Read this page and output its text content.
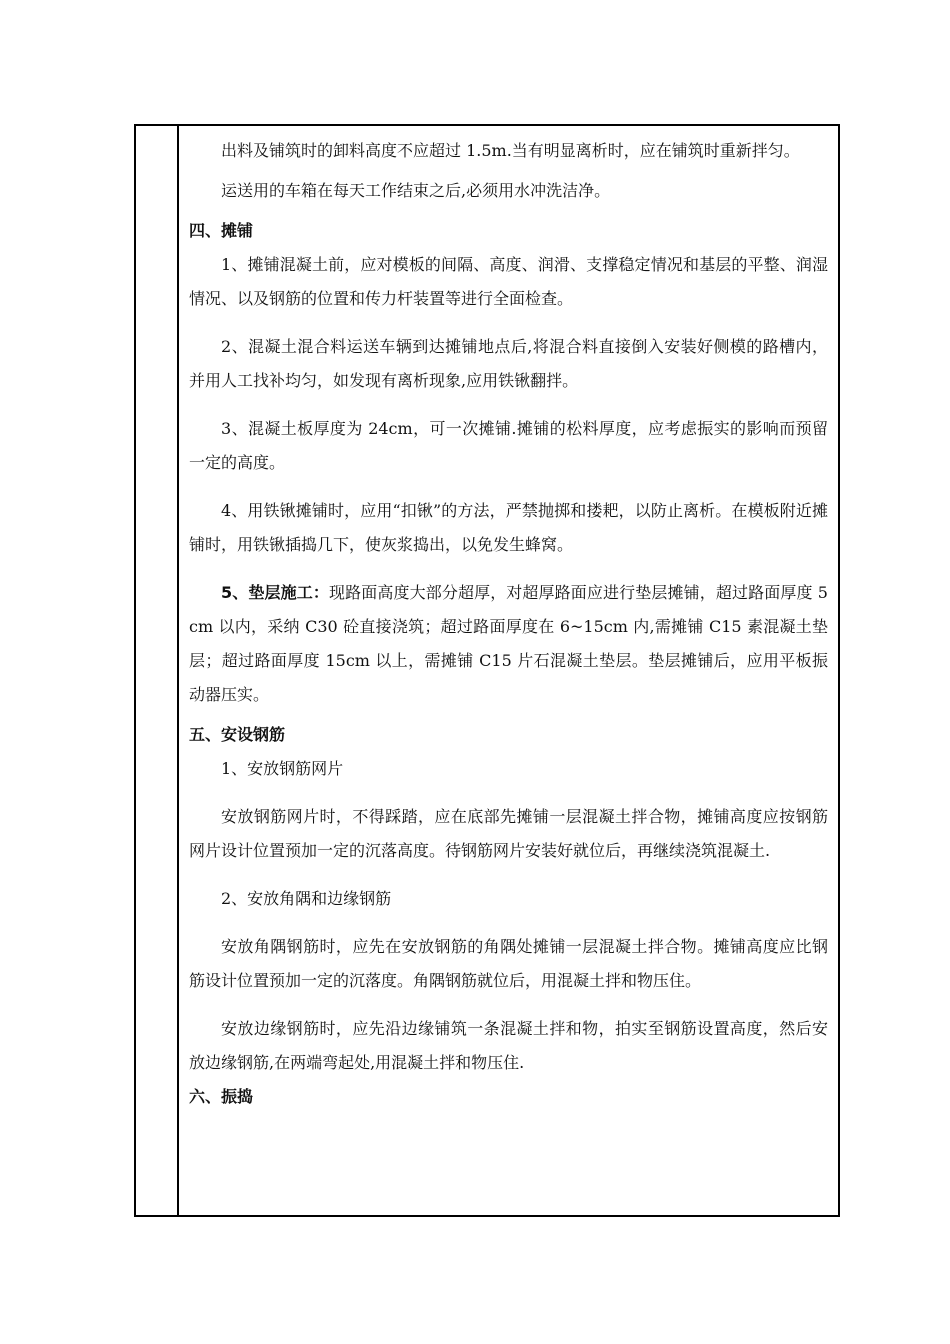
出料及铺筑时的卸料高度不应超过 1.5m.当有明显离析时，应在铺筑时重新拌匀。

运送用的车箱在每天工作结束之后,必须用水冲洗洁净。

四、摊铺

1、摊铺混凝土前，应对模板的间隔、高度、润滑、支撑稳定情况和基层的平整、润湿情况、以及钢筋的位置和传力杆装置等进行全面检查。

2、混凝土混合料运送车辆到达摊铺地点后,将混合料直接倒入安装好侧模的路槽内，并用人工找补均匀，如发现有离析现象,应用铁锹翻拌。

3、混凝土板厚度为 24cm，可一次摊铺.摊铺的松料厚度，应考虑振实的影响而预留一定的高度。

4、用铁锹摊铺时，应用“扣锹”的方法，严禁抛掷和搂耙，以防止离析。在模板附近摊铺时，用铁锹插捣几下，使灰浆捣出，以免发生蜂窝。

5、垫层施工：现路面高度大部分超厚，对超厚路面应进行垫层摊铺，超过路面厚度 5cm 以内，采纳 C30 砼直接浇筑；超过路面厚度在 6~15cm 内,需摊铺 C15 素混凝土垫层；超过路面厚度 15cm 以上，需摊铺 C15 片石混凝土垫层。垫层摊铺后，应用平板振动器压实。

五、安设钢筋

1、安放钢筋网片

安放钢筋网片时，不得踩踏，应在底部先摊铺一层混凝土拌合物，摊铺高度应按钢筋网片设计位置预加一定的沉落高度。待钢筋网片安装好就位后，再继续浇筑混凝土.

2、安放角隅和边缘钢筋

安放角隅钢筋时，应先在安放钢筋的角隅处摊铺一层混凝土拌合物。摊铺高度应比钢筋设计位置预加一定的沉落度。角隅钢筋就位后，用混凝土拌和物压住。

安放边缘钢筋时，应先沿边缘铺筑一条混凝土拌和物，拍实至钢筋设置高度，然后安放边缘钢筋,在两端弯起处,用混凝土拌和物压住.

六、振捣
